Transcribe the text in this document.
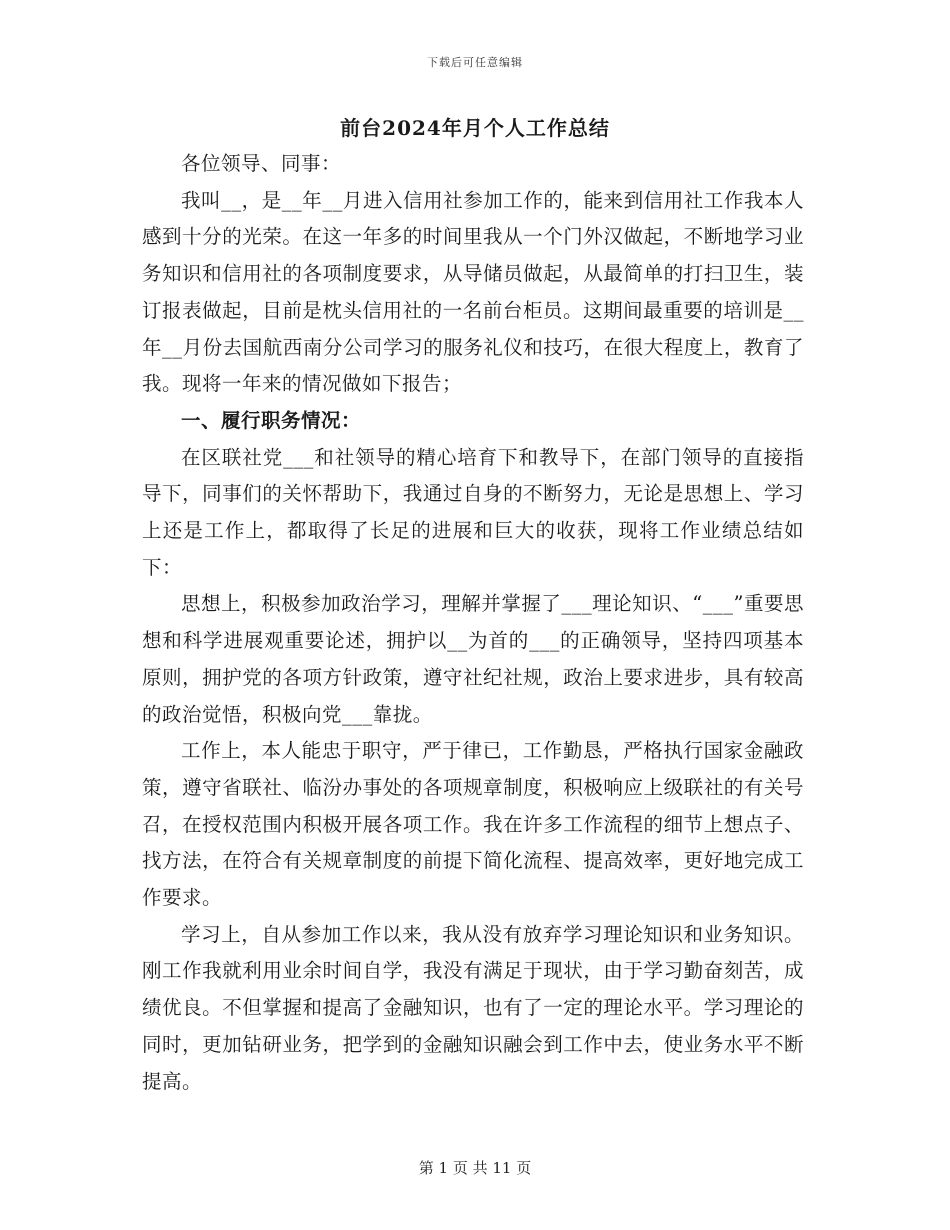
下载后可任意编辑
前台2024年月个人工作总结

各位领导、同事：

我叫__，是__年__月进入信用社参加工作的，能来到信用社工作我本人感到十分的光荣。在这一年多的时间里我从一个门外汉做起，不断地学习业务知识和信用社的各项制度要求，从导储员做起，从最简单的打扫卫生，装订报表做起，目前是枕头信用社的一名前台柜员。这期间最重要的培训是__年__月份去国航西南分公司学习的服务礼仪和技巧，在很大程度上，教育了我。现将一年来的情况做如下报告；

一、履行职务情况：

在区联社党___和社领导的精心培育下和教导下，在部门领导的直接指导下，同事们的关怀帮助下，我通过自身的不断努力，无论是思想上、学习上还是工作上，都取得了长足的进展和巨大的收获，现将工作业绩总结如下：

思想上，积极参加政治学习，理解并掌握了___理论知识、“___”重要思想和科学进展观重要论述，拥护以__为首的___的正确领导，坚持四项基本原则，拥护党的各项方针政策，遵守社纪社规，政治上要求进步，具有较高的政治觉悟，积极向党___靠拢。

工作上，本人能忠于职守，严于律已，工作勤恳，严格执行国家金融政策，遵守省联社、临汾办事处的各项规章制度，积极响应上级联社的有关号召，在授权范围内积极开展各项工作。我在许多工作流程的细节上想点子、找方法，在符合有关规章制度的前提下简化流程、提高效率，更好地完成工作要求。

学习上，自从参加工作以来，我从没有放弃学习理论知识和业务知识。刚工作我就利用业余时间自学，我没有满足于现状，由于学习勤奋刻苦，成绩优良。不但掌握和提高了金融知识，也有了一定的理论水平。学习理论的同时，更加钻研业务，把学到的金融知识融会到工作中去，使业务水平不断提高。

第 1 页 共 11 页
